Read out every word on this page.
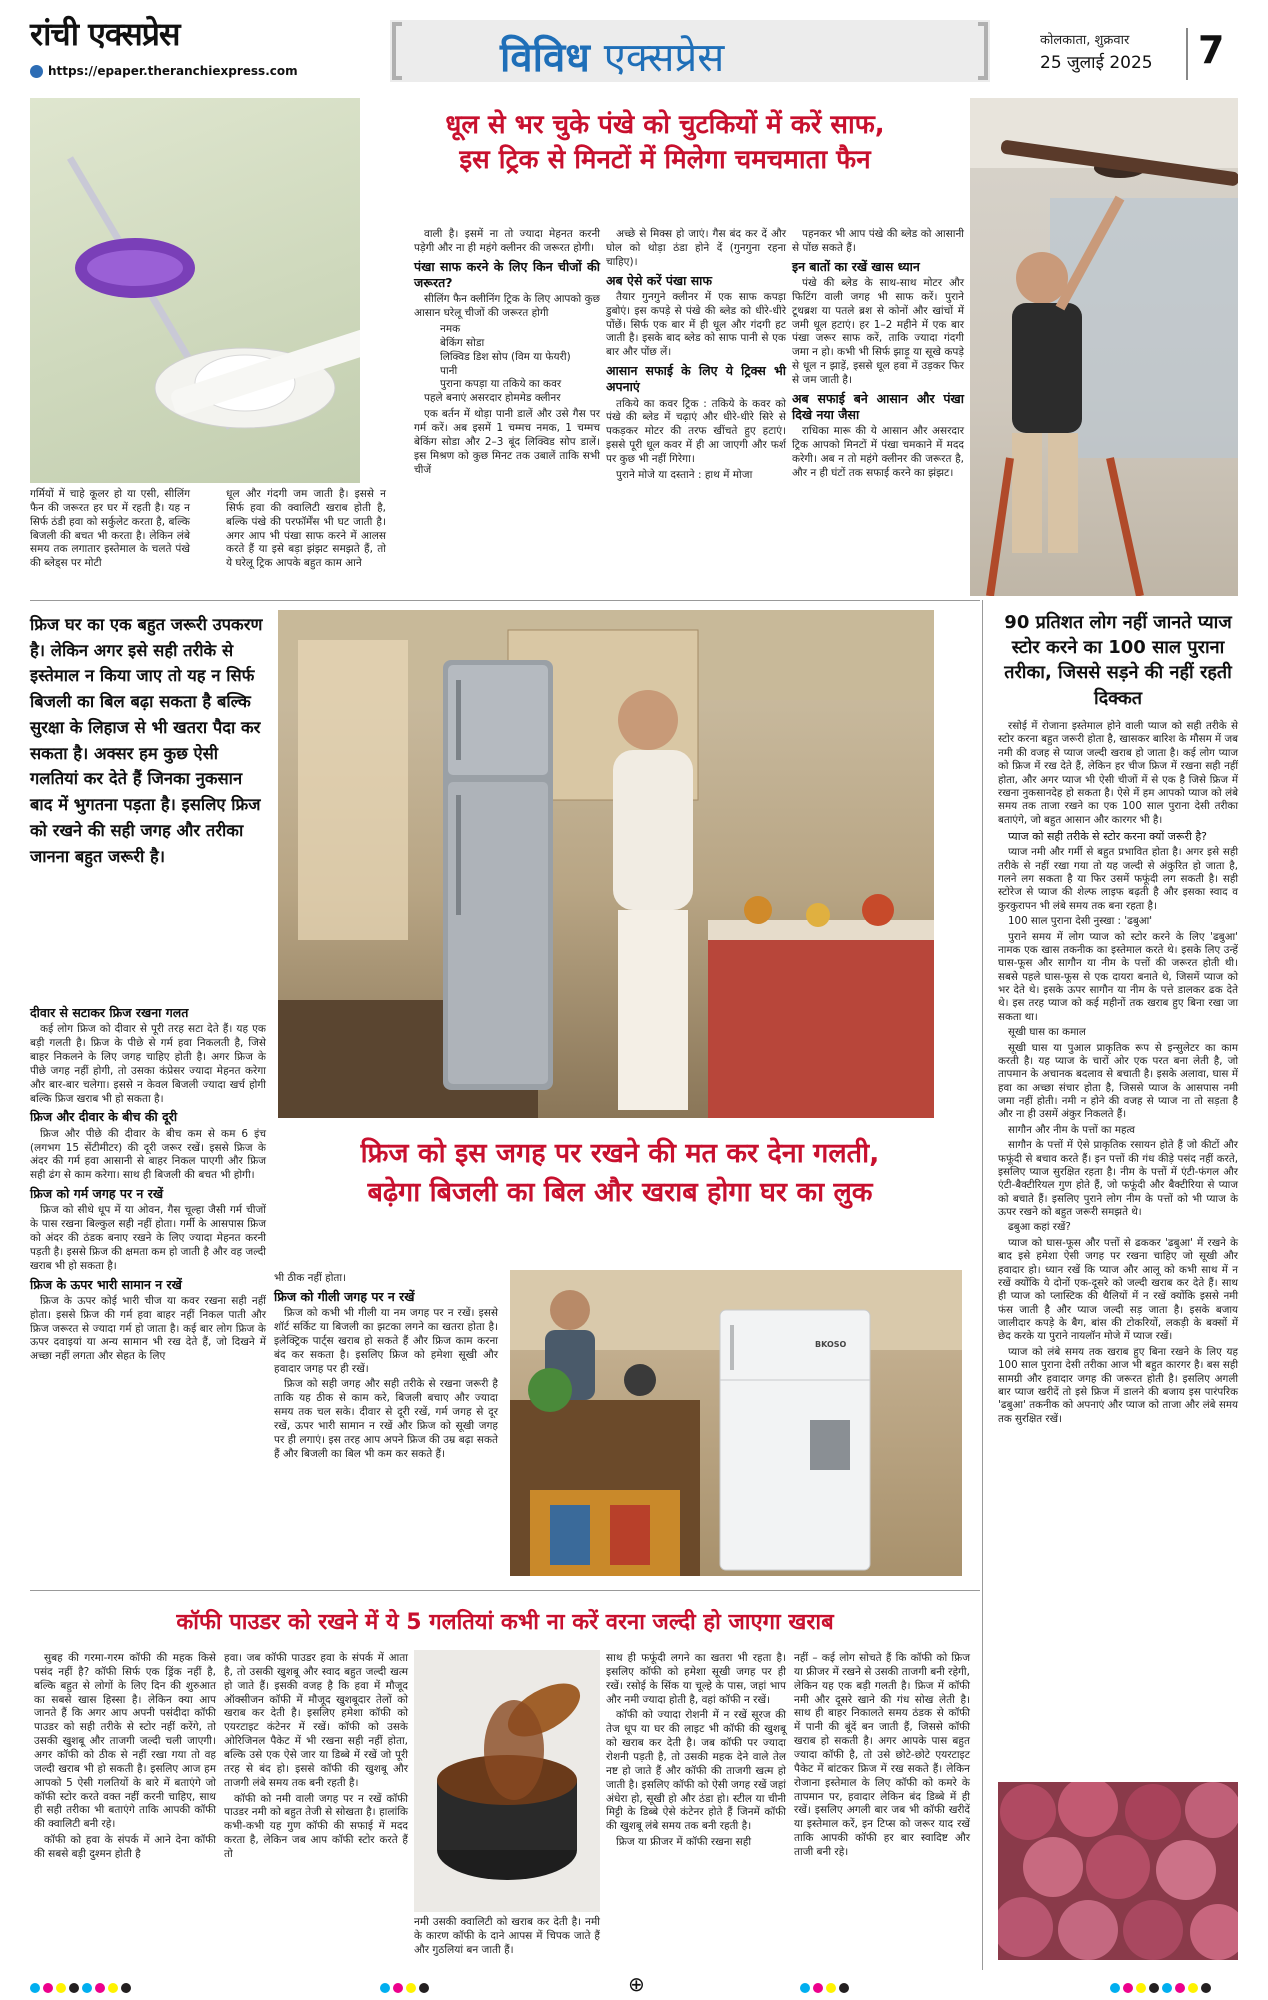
रांची एक्सप्रेस
https://epaper.theranchiexpress.com	विविध एक्सप्रेस	कोलकाता, शुक्रवार
25 जुलाई 2025 7
धूल से भर चुके पंखे को चुटकियों में करें साफ,
इस ट्रिक से मिनटों में मिलेगा चमचमाता फैन
गर्मियों में चाहे कूलर हो या एसी, सीलिंग फैन की जरूरत हर घर में रहती है। यह न सिर्फ ठंडी हवा को सर्कुलेट करता है, बल्कि बिजली की बचत भी करता है। लेकिन लंबे समय तक लगातार इस्तेमाल के चलते पंखे की ब्लेड्स पर मोटी
धूल और गंदगी जम जाती है। इससे न सिर्फ हवा की क्वालिटी खराब होती है, बल्कि पंखे की परफॉर्मेंस भी घट जाती है। अगर आप भी पंखा साफ करने में आलस करते हैं या इसे बड़ा झंझट समझते हैं, तो ये घरेलू ट्रिक आपके बहुत काम आने

वाली है। इसमें ना तो ज्यादा मेहनत करनी पड़ेगी और ना ही महंगे क्लीनर की जरूरत होगी।

पंखा साफ करने के लिए किन चीजों की जरूरत?

सीलिंग फैन क्लीनिंग ट्रिक के लिए आपको कुछ आसान घरेलू चीजों की जरूरत होगी

नमक
बेकिंग सोडा
लिक्विड डिश सोप (विम या फेयरी)
पानी
पुराना कपड़ा या तकिये का कवर

पहले बनाएं असरदार होममेड क्लीनर

एक बर्तन में थोड़ा पानी डालें और उसे गैस पर गर्म करें। अब इसमें 1 चम्मच नमक, 1 चम्मच बेकिंग सोडा और 2–3 बूंद लिक्विड सोप डालें। इस मिश्रण को कुछ मिनट तक उबालें ताकि सभी चीजें

अच्छे से मिक्स हो जाएं। गैस बंद कर दें और घोल को थोड़ा ठंडा होने दें (गुनगुना रहना चाहिए)।

अब ऐसे करें पंखा साफ

तैयार गुनगुने क्लीनर में एक साफ कपड़ा डुबोएं। इस कपड़े से पंखे की ब्लेड को धीरे-धीरे पोंछें। सिर्फ एक बार में ही धूल और गंदगी हट जाती है। इसके बाद ब्लेड को साफ पानी से एक बार और पोंछ लें।

आसान सफाई के लिए ये ट्रिक्स भी अपनाएं

तकिये का कवर ट्रिक : तकिये के कवर को पंखे की ब्लेड में चढ़ाएं और धीरे-धीरे सिरे से पकड़कर मोटर की तरफ खींचते हुए हटाएं। इससे पूरी धूल कवर में ही आ जाएगी और फर्श पर कुछ भी नहीं गिरेगा।

पुराने मोजे या दस्ताने : हाथ में मोजा

पहनकर भी आप पंखे की ब्लेड को आसानी से पोंछ सकते हैं।

इन बातों का रखें खास ध्यान

पंखे की ब्लेड के साथ-साथ मोटर और फिटिंग वाली जगह भी साफ करें। पुराने टूथब्रश या पतले ब्रश से कोनों और खांचों में जमी धूल हटाएं। हर 1–2 महीने में एक बार पंखा जरूर साफ करें, ताकि ज्यादा गंदगी जमा न हो। कभी भी सिर्फ झाड़ू या सूखे कपड़े से धूल न झाड़ें, इससे धूल हवा में उड़कर फिर से जम जाती है।

अब सफाई बने आसान और पंखा दिखे नया जैसा

राधिका मारू की ये आसान और असरदार ट्रिक आपको मिनटों में पंखा चमकाने में मदद करेगी। अब न तो महंगे क्लीनर की जरूरत है, और न ही घंटों तक सफाई करने का झंझट।

फ्रिज घर का एक बहुत जरूरी उपकरण है। लेकिन अगर इसे सही तरीके से इस्तेमाल न किया जाए तो यह न सिर्फ बिजली का बिल बढ़ा सकता है बल्कि सुरक्षा के लिहाज से भी खतरा पैदा कर सकता है। अक्सर हम कुछ ऐसी गलतियां कर देते हैं जिनका नुकसान बाद में भुगतना पड़ता है। इसलिए फ्रिज को रखने की सही जगह और तरीका जानना बहुत जरूरी है।
दीवार से सटाकर फ्रिज रखना गलत

कई लोग फ्रिज को दीवार से पूरी तरह सटा देते हैं। यह एक बड़ी गलती है। फ्रिज के पीछे से गर्म हवा निकलती है, जिसे बाहर निकलने के लिए जगह चाहिए होती है। अगर फ्रिज के पीछे जगह नहीं होगी, तो उसका कंप्रेसर ज्यादा मेहनत करेगा और बार-बार चलेगा। इससे न केवल बिजली ज्यादा खर्च होगी बल्कि फ्रिज खराब भी हो सकता है।

फ्रिज और दीवार के बीच की दूरी

फ्रिज और पीछे की दीवार के बीच कम से कम 6 इंच (लगभग 15 सेंटीमीटर) की दूरी जरूर रखें। इससे फ्रिज के अंदर की गर्म हवा आसानी से बाहर निकल पाएगी और फ्रिज सही ढंग से काम करेगा। साथ ही बिजली की बचत भी होगी।

फ्रिज को गर्म जगह पर न रखें

फ्रिज को सीधे धूप में या ओवन, गैस चूल्हा जैसी गर्म चीजों के पास रखना बिल्कुल सही नहीं होता। गर्मी के आसपास फ्रिज को अंदर की ठंडक बनाए रखने के लिए ज्यादा मेहनत करनी पड़ती है। इससे फ्रिज की क्षमता कम हो जाती है और वह जल्दी खराब भी हो सकता है।

फ्रिज के ऊपर भारी सामान न रखें

फ्रिज के ऊपर कोई भारी चीज या कवर रखना सही नहीं होता। इससे फ्रिज की गर्म हवा बाहर नहीं निकल पाती और फ्रिज जरूरत से ज्यादा गर्म हो जाता है। कई बार लोग फ्रिज के ऊपर दवाइयां या अन्य सामान भी रख देते हैं, जो दिखने में अच्छा नहीं लगता और सेहत के लिए

फ्रिज को इस जगह पर रखने की मत कर देना गलती,
बढ़ेगा बिजली का बिल और खराब होगा घर का लुक

भी ठीक नहीं होता।

फ्रिज को गीली जगह पर न रखें

फ्रिज को कभी भी गीली या नम जगह पर न रखें। इससे शॉर्ट सर्किट या बिजली का झटका लगने का खतरा होता है। इलेक्ट्रिक पार्ट्स खराब हो सकते हैं और फ्रिज काम करना बंद कर सकता है। इसलिए फ्रिज को हमेशा सूखी और हवादार जगह पर ही रखें।

फ्रिज को सही जगह और सही तरीके से रखना जरूरी है ताकि यह ठीक से काम करे, बिजली बचाए और ज्यादा समय तक चल सके। दीवार से दूरी रखें, गर्म जगह से दूर रखें, ऊपर भारी सामान न रखें और फ्रिज को सूखी जगह पर ही लगाएं। इस तरह आप अपने फ्रिज की उम्र बढ़ा सकते हैं और बिजली का बिल भी कम कर सकते हैं।

BKOSO
90 प्रतिशत लोग नहीं जानते प्याज स्टोर करने का 100 साल पुराना तरीका, जिससे सड़ने की नहीं रहती दिक्कत

रसोई में रोजाना इस्तेमाल होने वाली प्याज को सही तरीके से स्टोर करना बहुत जरूरी होता है, खासकर बारिश के मौसम में जब नमी की वजह से प्याज जल्दी खराब हो जाता है। कई लोग प्याज को फ्रिज में रख देते हैं, लेकिन हर चीज फ्रिज में रखना सही नहीं होता, और अगर प्याज भी ऐसी चीजों में से एक है जिसे फ्रिज में रखना नुकसानदेह हो सकता है। ऐसे में हम आपको प्याज को लंबे समय तक ताजा रखने का एक 100 साल पुराना देसी तरीका बताएंगे, जो बहुत आसान और कारगर भी है।

प्याज को सही तरीके से स्टोर करना क्यों जरूरी है?

प्याज नमी और गर्मी से बहुत प्रभावित होता है। अगर इसे सही तरीके से नहीं रखा गया तो यह जल्दी से अंकुरित हो जाता है, गलने लग सकता है या फिर उसमें फफूंदी लग सकती है। सही स्टोरेज से प्याज की शेल्फ लाइफ बढ़ती है और इसका स्वाद व कुरकुरापन भी लंबे समय तक बना रहता है।

100 साल पुराना देसी नुस्खा : 'ढबुआ'

पुराने समय में लोग प्याज को स्टोर करने के लिए 'ढबुआ' नामक एक खास तकनीक का इस्तेमाल करते थे। इसके लिए उन्हें घास-फूस और सागौन या नीम के पत्तों की जरूरत होती थी। सबसे पहले घास-फूस से एक दायरा बनाते थे, जिसमें प्याज को भर देते थे। इसके ऊपर सागौन या नीम के पत्ते डालकर ढक देते थे। इस तरह प्याज को कई महीनों तक खराब हुए बिना रखा जा सकता था।

सूखी घास का कमाल

सूखी घास या पुआल प्राकृतिक रूप से इन्सुलेटर का काम करती है। यह प्याज के चारों ओर एक परत बना लेती है, जो तापमान के अचानक बदलाव से बचाती है। इसके अलावा, घास में हवा का अच्छा संचार होता है, जिससे प्याज के आसपास नमी जमा नहीं होती। नमी न होने की वजह से प्याज ना तो सड़ता है और ना ही उसमें अंकुर निकलते हैं।

सागौन और नीम के पत्तों का महत्व

सागौन के पत्तों में ऐसे प्राकृतिक रसायन होते हैं जो कीटों और फफूंदी से बचाव करते हैं। इन पत्तों की गंध कीड़े पसंद नहीं करते, इसलिए प्याज सुरक्षित रहता है। नीम के पत्तों में एंटी-फंगल और एंटी-बैक्टीरियल गुण होते हैं, जो फफूंदी और बैक्टीरिया से प्याज को बचाते हैं। इसलिए पुराने लोग नीम के पत्तों को भी प्याज के ऊपर रखने को बहुत जरूरी समझते थे।

ढबुआ कहां रखें?

प्याज को घास-फूस और पत्तों से ढककर 'ढबुआ' में रखने के बाद इसे हमेशा ऐसी जगह पर रखना चाहिए जो सूखी और हवादार हो। ध्यान रखें कि प्याज और आलू को कभी साथ में न रखें क्योंकि ये दोनों एक-दूसरे को जल्दी खराब कर देते हैं। साथ ही प्याज को प्लास्टिक की थैलियों में न रखें क्योंकि इससे नमी फंस जाती है और प्याज जल्दी सड़ जाता है। इसके बजाय जालीदार कपड़े के बैग, बांस की टोकरियों, लकड़ी के बक्सों में छेद करके या पुराने नायलॉन मोजे में प्याज रखें।

प्याज को लंबे समय तक खराब हुए बिना रखने के लिए यह 100 साल पुराना देसी तरीका आज भी बहुत कारगर है। बस सही सामग्री और हवादार जगह की जरूरत होती है। इसलिए अगली बार प्याज खरीदें तो इसे फ्रिज में डालने की बजाय इस पारंपरिक 'ढबुआ' तकनीक को अपनाएं और प्याज को ताजा और लंबे समय तक सुरक्षित रखें।

कॉफी पाउडर को रखने में ये 5 गलतियां कभी ना करें वरना जल्दी हो जाएगा खराब

सुबह की गरमा-गरम कॉफी की महक किसे पसंद नहीं है? कॉफी सिर्फ एक ड्रिंक नहीं है, बल्कि बहुत से लोगों के लिए दिन की शुरुआत का सबसे खास हिस्सा है। लेकिन क्या आप जानते हैं कि अगर आप अपनी पसंदीदा कॉफी पाउडर को सही तरीके से स्टोर नहीं करेंगे, तो उसकी खुशबू और ताजगी जल्दी चली जाएगी। अगर कॉफी को ठीक से नहीं रखा गया तो वह जल्दी खराब भी हो सकती है। इसलिए आज हम आपको 5 ऐसी गलतियों के बारे में बताएंगे जो कॉफी स्टोर करते वक्त नहीं करनी चाहिए, साथ ही सही तरीका भी बताएंगे ताकि आपकी कॉफी की क्वालिटी बनी रहे।

कॉफी को हवा के संपर्क में आने देना कॉफी की सबसे बड़ी दुश्मन होती है

हवा। जब कॉफी पाउडर हवा के संपर्क में आता है, तो उसकी खुशबू और स्वाद बहुत जल्दी खत्म हो जाते हैं। इसकी वजह है कि हवा में मौजूद ऑक्सीजन कॉफी में मौजूद खुशबूदार तेलों को खराब कर देती है। इसलिए हमेशा कॉफी को एयरटाइट कंटेनर में रखें। कॉफी को उसके ओरिजिनल पैकेट में भी रखना सही नहीं होता, बल्कि उसे एक ऐसे जार या डिब्बे में रखें जो पूरी तरह से बंद हो। इससे कॉफी की खुशबू और ताजगी लंबे समय तक बनी रहती है।

कॉफी को नमी वाली जगह पर न रखें कॉफी पाउडर नमी को बहुत तेजी से सोखता है। हालांकि कभी-कभी यह गुण कॉफी की सफाई में मदद करता है, लेकिन जब आप कॉफी स्टोर करते हैं तो

नमी उसकी क्वालिटी को खराब कर देती है। नमी के कारण कॉफी के दाने आपस में चिपक जाते हैं और गुठलियां बन जाती हैं।

साथ ही फफूंदी लगने का खतरा भी रहता है। इसलिए कॉफी को हमेशा सूखी जगह पर ही रखें। रसोई के सिंक या चूल्हे के पास, जहां भाप और नमी ज्यादा होती है, वहां कॉफी न रखें।

कॉफी को ज्यादा रोशनी में न रखें सूरज की तेज धूप या घर की लाइट भी कॉफी की खुशबू को खराब कर देती है। जब कॉफी पर ज्यादा रोशनी पड़ती है, तो उसकी महक देने वाले तेल नष्ट हो जाते हैं और कॉफी की ताजगी खत्म हो जाती है। इसलिए कॉफी को ऐसी जगह रखें जहां अंधेरा हो, सूखी हो और ठंडा हो। स्टील या चीनी मिट्टी के डिब्बे ऐसे कंटेनर होते हैं जिनमें कॉफी की खुशबू लंबे समय तक बनी रहती है।

फ्रिज या फ्रीजर में कॉफी रखना सही

नहीं – कई लोग सोचते हैं कि कॉफी को फ्रिज या फ्रीजर में रखने से उसकी ताजगी बनी रहेगी, लेकिन यह एक बड़ी गलती है। फ्रिज में कॉफी नमी और दूसरे खाने की गंध सोख लेती है। साथ ही बाहर निकालते समय ठंडक से कॉफी में पानी की बूंदें बन जाती हैं, जिससे कॉफी खराब हो सकती है। अगर आपके पास बहुत ज्यादा कॉफी है, तो उसे छोटे-छोटे एयरटाइट पैकेट में बांटकर फ्रिज में रख सकते हैं। लेकिन रोजाना इस्तेमाल के लिए कॉफी को कमरे के तापमान पर, हवादार लेकिन बंद डिब्बे में ही रखें। इसलिए अगली बार जब भी कॉफी खरीदें या इस्तेमाल करें, इन टिप्स को जरूर याद रखें ताकि आपकी कॉफी हर बार स्वादिष्ट और ताजी बनी रहे।

⊕
